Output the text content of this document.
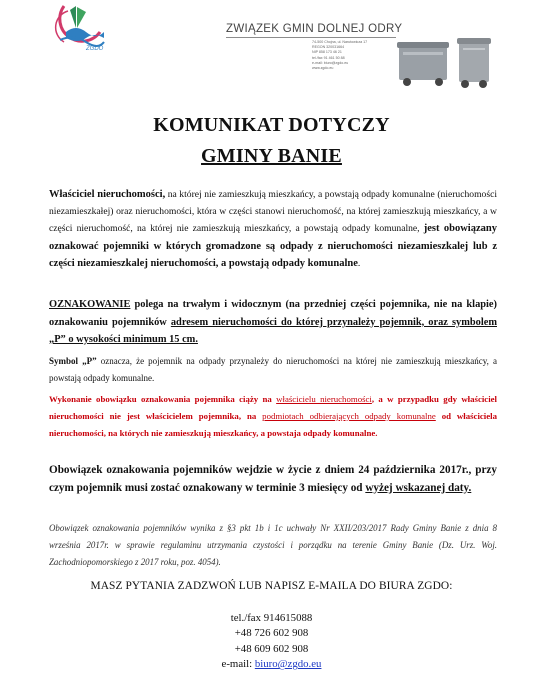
ZGDO
ZWIĄZEK GMIN DOLNEJ ODRY
74-500 Chojna, ul. Narutowicza 17
REGON 320031664
NIP 858 173 46 21
tel./fax 91 461 50 88
e-mail: biuro@zgdo.eu
www.zgdo.eu
KOMUNIKAT DOTYCZY
GMINY BANIE
Właściciel nieruchomości, na której nie zamieszkują mieszkańcy, a powstają odpady komunalne (nieruchomości niezamieszkałej) oraz nieruchomości, która w części stanowi nieruchomość, na której zamieszkują mieszkańcy, a w części nieruchomość, na której nie zamieszkują mieszkańcy, a powstają odpady komunalne, jest obowiązany oznakować pojemniki w których gromadzone są odpady z nieruchomości niezamieszkalej lub z części niezamieszkalej nieruchomości, a powstają odpady komunalne.
OZNAKOWANIE polega na trwałym i widocznym (na przedniej części pojemnika, nie na klapie) oznakowaniu pojemników adresem nieruchomości do której przynależy pojemnik, oraz symbolem „P” o wysokości minimum 15 cm.
Symbol „P” oznacza, że pojemnik na odpady przynależy do nieruchomości na której nie zamieszkują mieszkańcy, a powstają odpady komunalne.
Wykonanie obowiązku oznakowania pojemnika ciąży na właścicielu nieruchomości, a w przypadku gdy właściciel nieruchomości nie jest właścicielem pojemnika, na podmiotach odbierających odpady komunalne od właściciela nieruchomości, na których nie zamieszkują mieszkańcy, a powstaja odpady komunalne.
Obowiązek oznakowania pojemników wejdzie w życie z dniem 24 października 2017r., przy czym pojemnik musi zostać oznakowany w terminie 3 miesięcy od wyżej wskazanej daty.
Obowiązek oznakowania pojemników wynika z §3 pkt 1b i 1c uchwały Nr XXII/203/2017 Rady Gminy Banie z dnia 8 września 2017r. w sprawie regulaminu utrzymania czystości i porządku na terenie Gminy Banie (Dz. Urz. Woj. Zachodniopomorskiego z 2017 roku, poz. 4054).
MASZ PYTANIA ZADZWOŃ LUB NAPISZ E-MAILA DO BIURA ZGDO:
tel./fax 914615088
+48 726 602 908
+48 609 602 908
e-mail: biuro@zgdo.eu
